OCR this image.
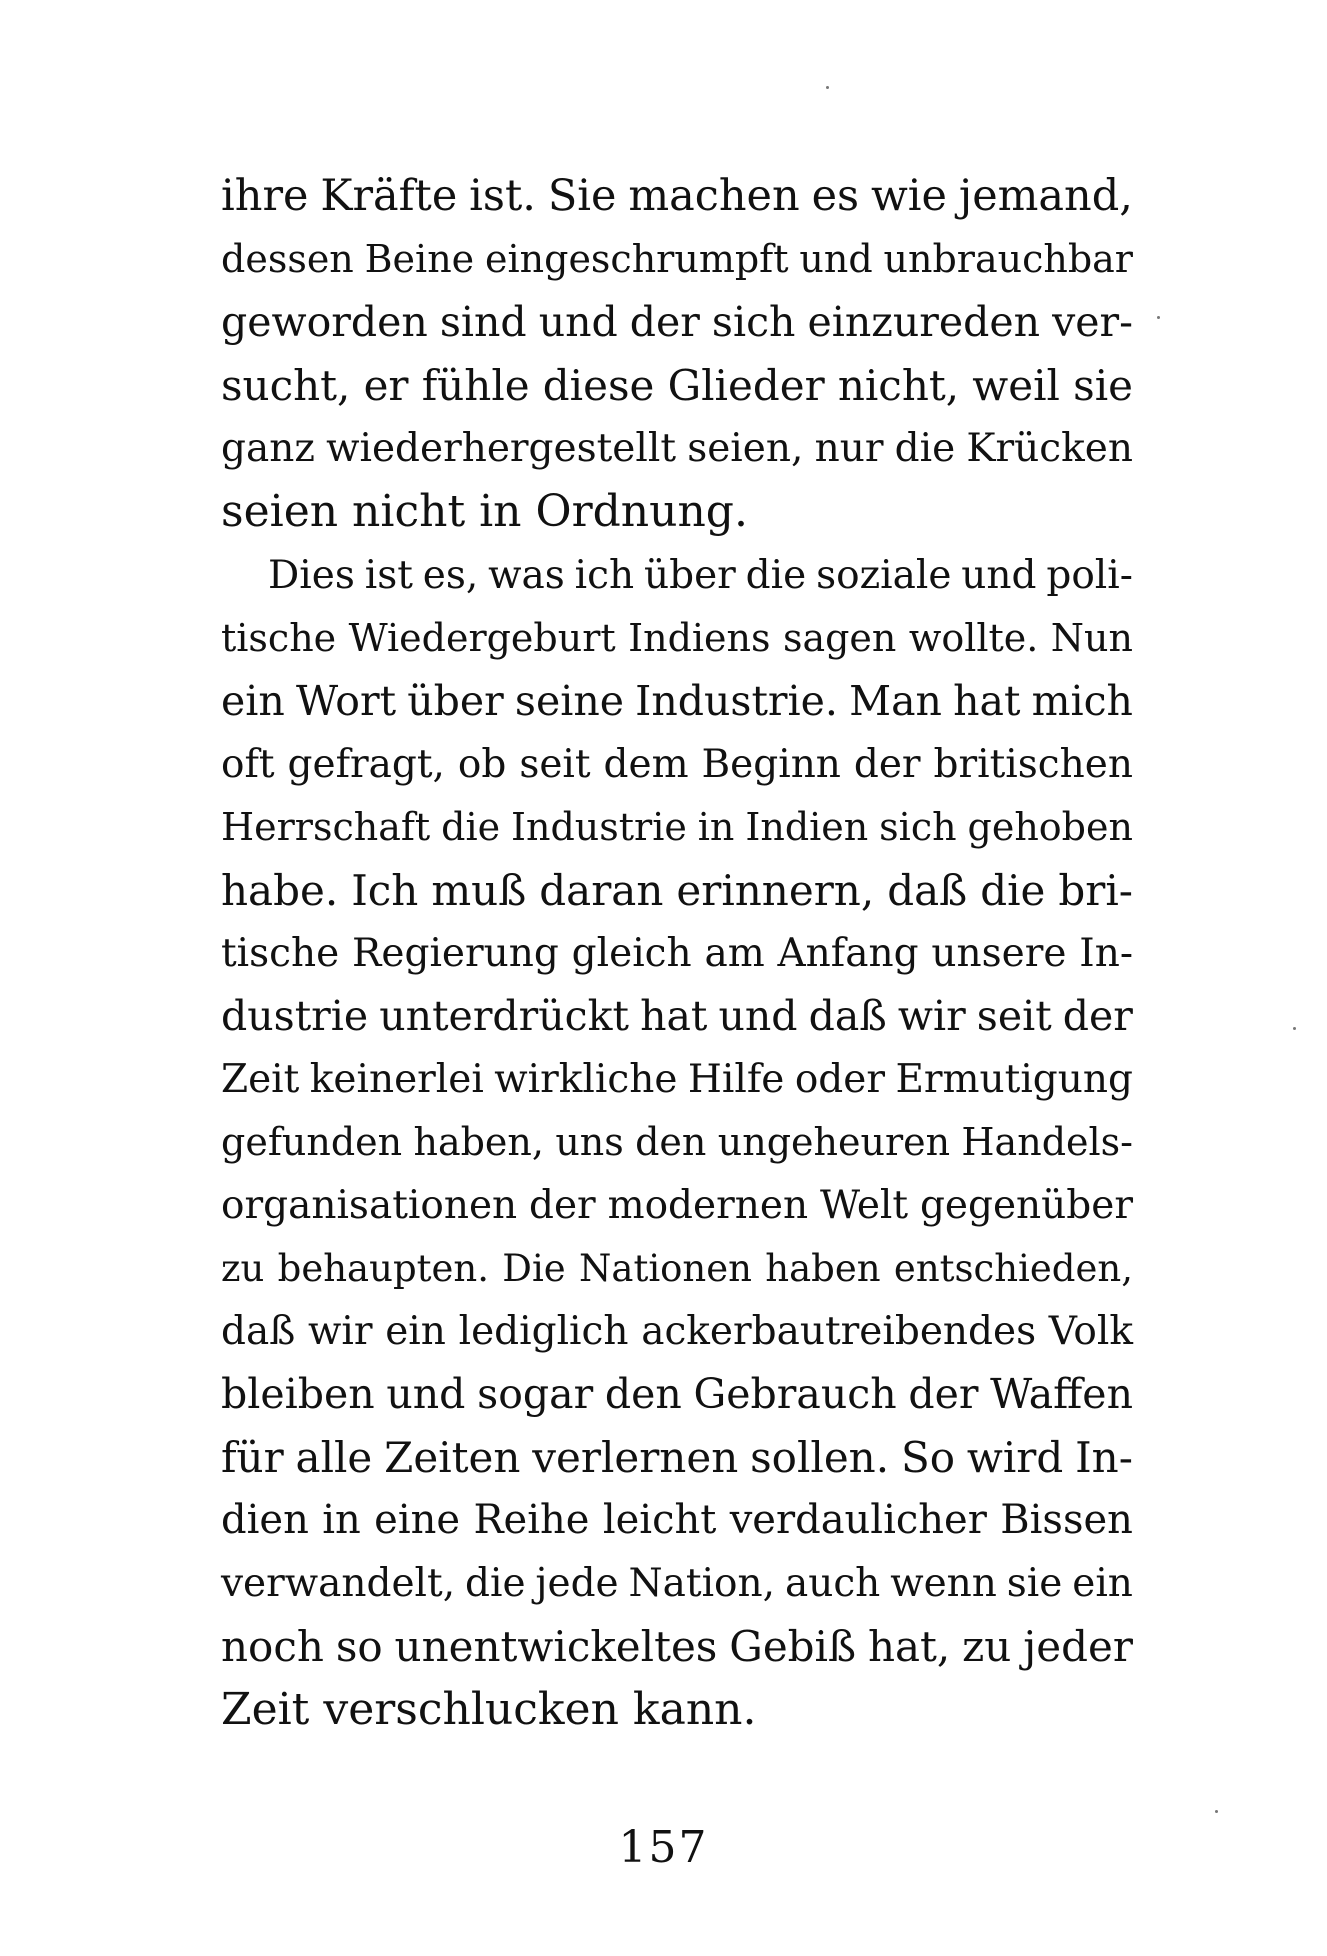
ihre Kräfte ist. Sie machen es wie jemand,
dessen Beine eingeschrumpft und unbrauchbar
geworden sind und der sich einzureden ver-
sucht, er fühle diese Glieder nicht, weil sie
ganz wiederhergestellt seien, nur die Krücken
seien nicht in Ordnung.
Dies ist es, was ich über die soziale und poli-
tische Wiedergeburt Indiens sagen wollte. Nun
ein Wort über seine Industrie. Man hat mich
oft gefragt, ob seit dem Beginn der britischen
Herrschaft die Industrie in Indien sich gehoben
habe. Ich muß daran erinnern, daß die bri-
tische Regierung gleich am Anfang unsere In-
dustrie unterdrückt hat und daß wir seit der
Zeit keinerlei wirkliche Hilfe oder Ermutigung
gefunden haben, uns den ungeheuren Handels-
organisationen der modernen Welt gegenüber
zu behaupten. Die Nationen haben entschieden,
daß wir ein lediglich ackerbautreibendes Volk
bleiben und sogar den Gebrauch der Waffen
für alle Zeiten verlernen sollen. So wird In-
dien in eine Reihe leicht verdaulicher Bissen
verwandelt, die jede Nation, auch wenn sie ein
noch so unentwickeltes Gebiß hat, zu jeder
Zeit verschlucken kann.
157
